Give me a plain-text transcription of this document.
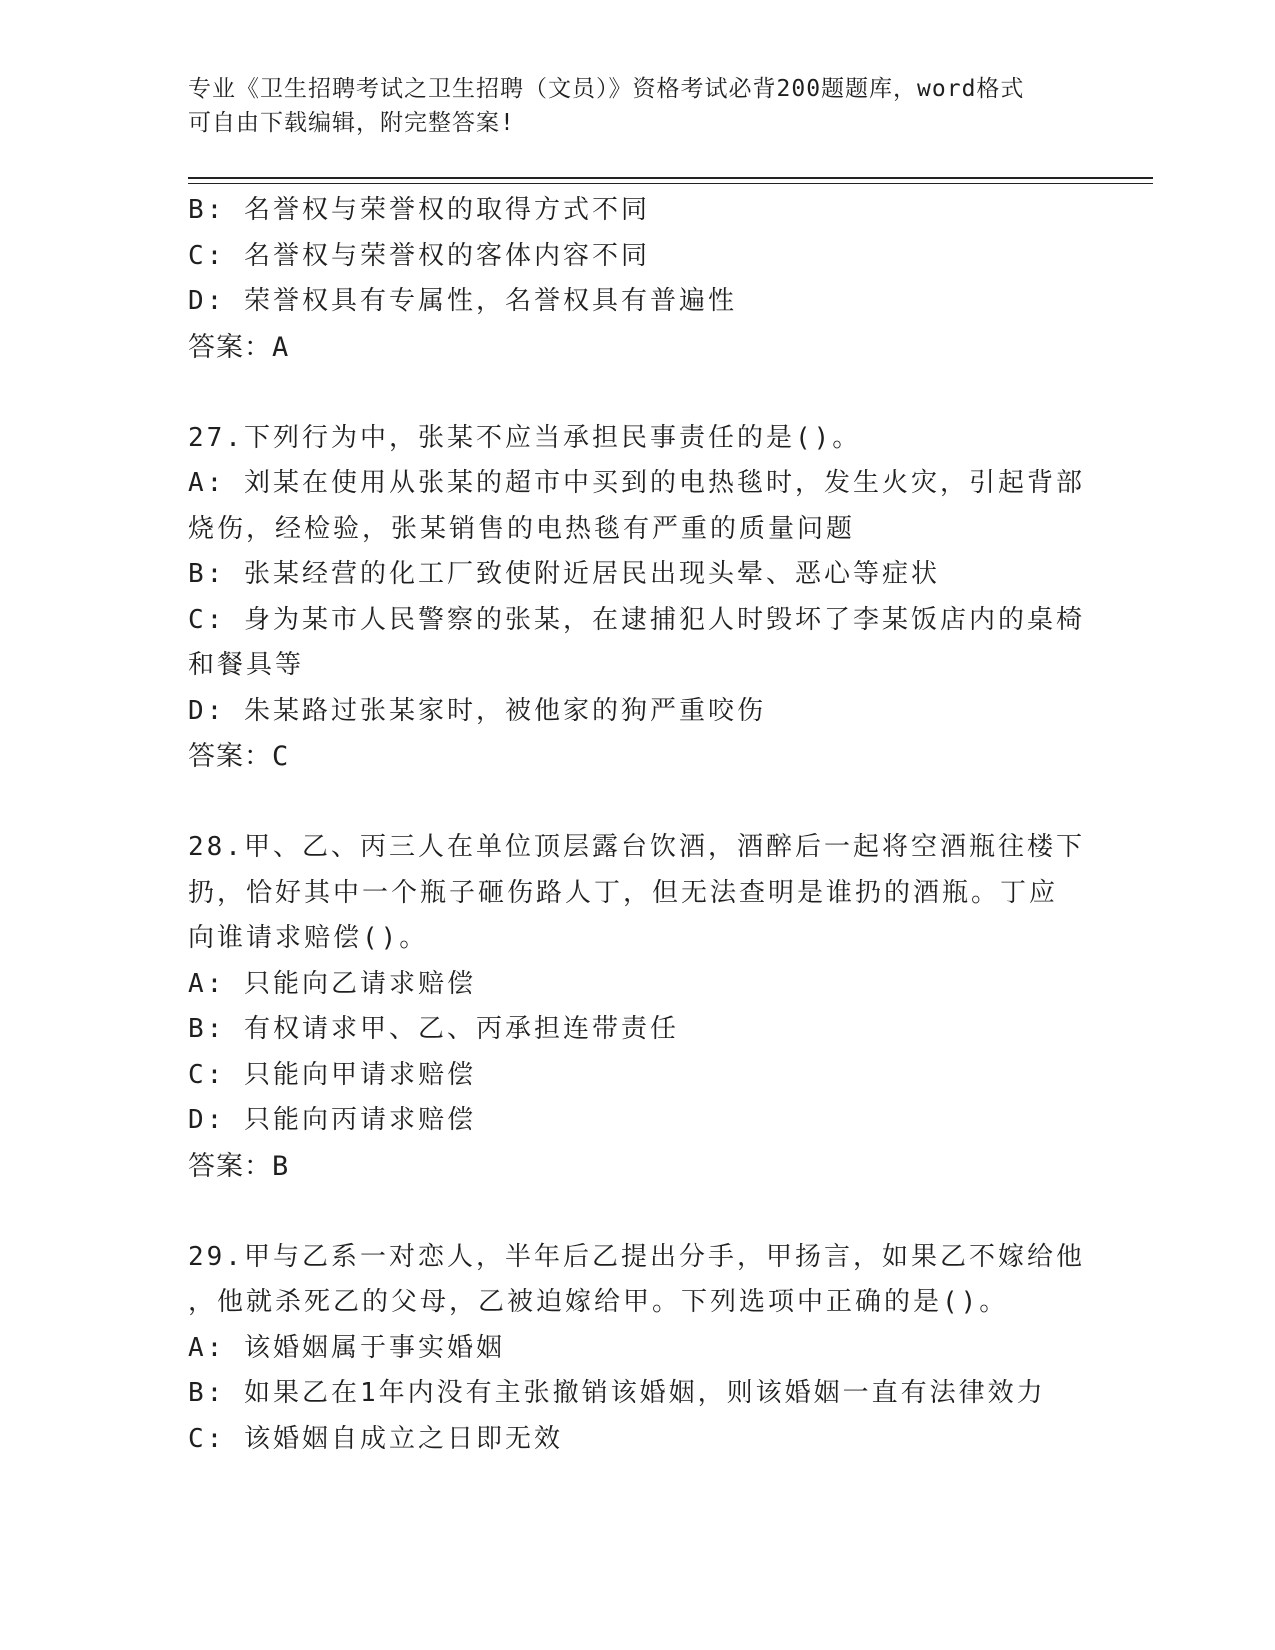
专业《卫生招聘考试之卫生招聘（文员）》资格考试必背200题题库，word格式
可自由下载编辑，附完整答案!
B: 名誉权与荣誉权的取得方式不同
C: 名誉权与荣誉权的客体内容不同
D: 荣誉权具有专属性，名誉权具有普遍性
答案：A
27.下列行为中，张某不应当承担民事责任的是()。
A: 刘某在使用从张某的超市中买到的电热毯时，发生火灾，引起背部
烧伤，经检验，张某销售的电热毯有严重的质量问题
B: 张某经营的化工厂致使附近居民出现头晕、恶心等症状
C: 身为某市人民警察的张某，在逮捕犯人时毁坏了李某饭店内的桌椅
和餐具等
D: 朱某路过张某家时，被他家的狗严重咬伤
答案：C
28.甲、乙、丙三人在单位顶层露台饮酒，酒醉后一起将空酒瓶往楼下
扔，恰好其中一个瓶子砸伤路人丁，但无法查明是谁扔的酒瓶。丁应
向谁请求赔偿()。
A: 只能向乙请求赔偿
B: 有权请求甲、乙、丙承担连带责任
C: 只能向甲请求赔偿
D: 只能向丙请求赔偿
答案：B
29.甲与乙系一对恋人，半年后乙提出分手，甲扬言，如果乙不嫁给他
，他就杀死乙的父母，乙被迫嫁给甲。下列选项中正确的是()。
A: 该婚姻属于事实婚姻
B: 如果乙在1年内没有主张撤销该婚姻，则该婚姻一直有法律效力
C: 该婚姻自成立之日即无效
